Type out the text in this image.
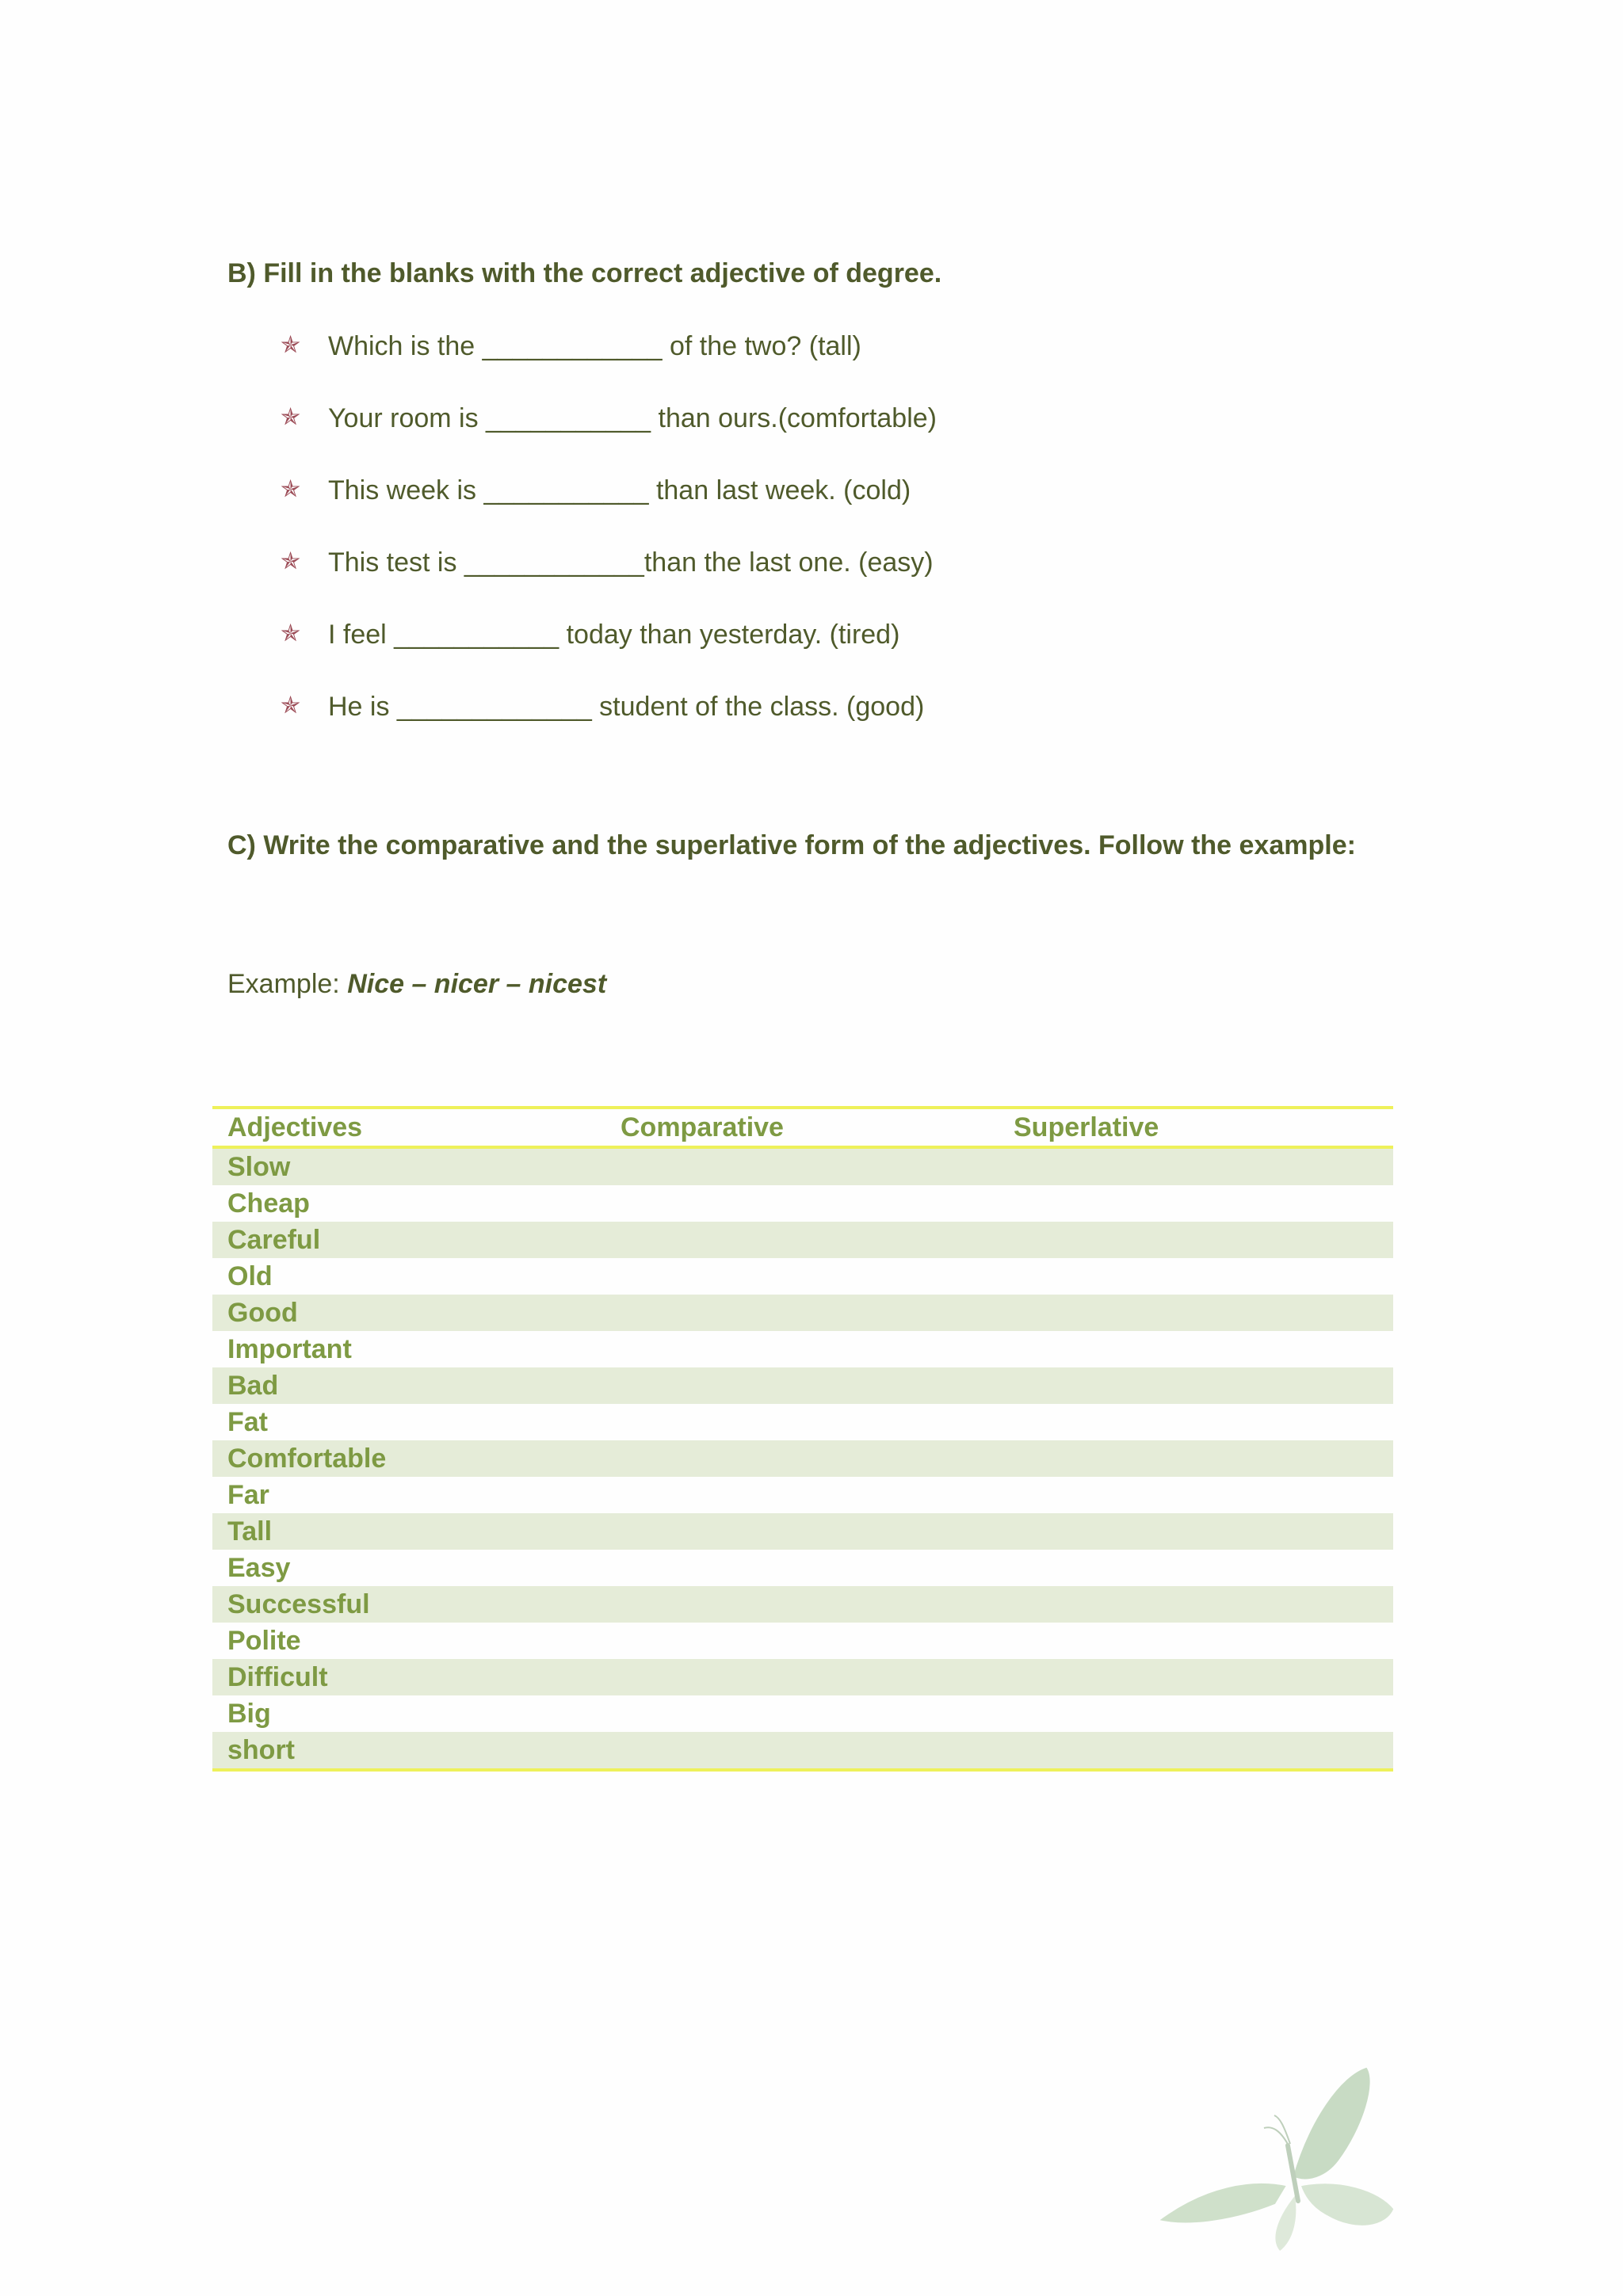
B) Fill in the blanks with the correct adjective of degree.
✯	Which is the ____________ of the two? (tall)
✯	Your room is ___________ than ours.(comfortable)
✯	This week is ___________ than last week. (cold)
✯	This test is ____________than the last one. (easy)
✯	I feel ___________ today than yesterday. (tired)
✯	He is _____________ student of the class. (good)
C) Write the comparative and the superlative form of the adjectives. Follow the example:
Example: Nice – nicer – nicest
Adjectives	Comparative	Superlative
Slow		
Cheap		
Careful		
Old		
Good		
Important		
Bad		
Fat		
Comfortable		
Far		
Tall		
Easy		
Successful		
Polite		
Difficult		
Big		
short		
